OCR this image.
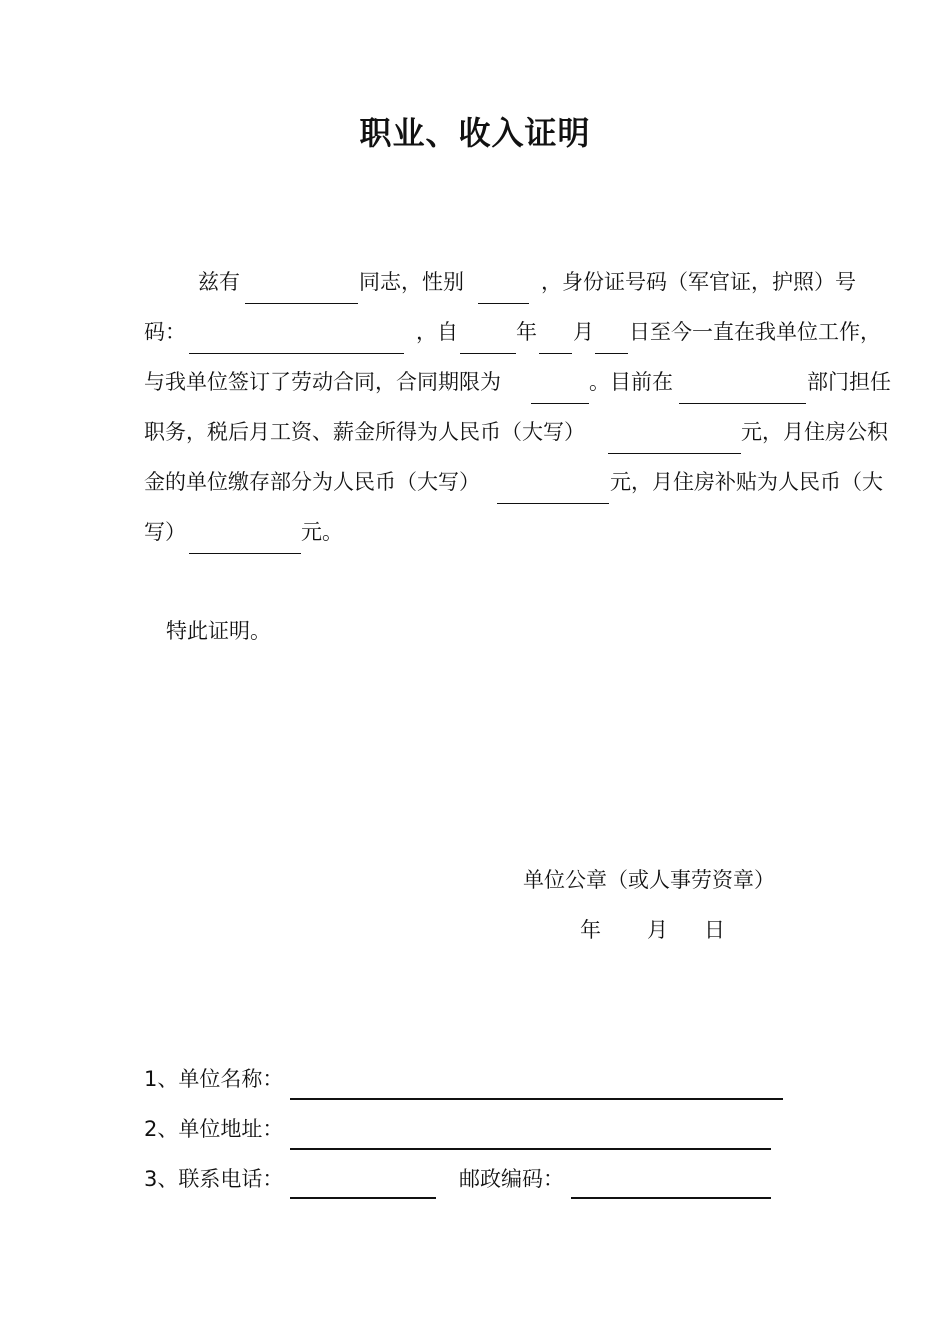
职业、收入证明
兹有	同志，性别	，身份证号码（军官证，护照）号
码：	，自	年 月 日至今一直在我单位工作，
与我单位签订了劳动合同，合同期限为	。目前在	部门担任
职务，税后月工资、薪金所得为人民币（大写）	元，月住房公积
金的单位缴存部分为人民币（大写）	元，月住房补贴为人民币（大
写）	元。
特此证明。
单位公章（或人事劳资章）
年 月 日
1、单位名称：
2、单位地址：
3、联系电话：	邮政编码：
